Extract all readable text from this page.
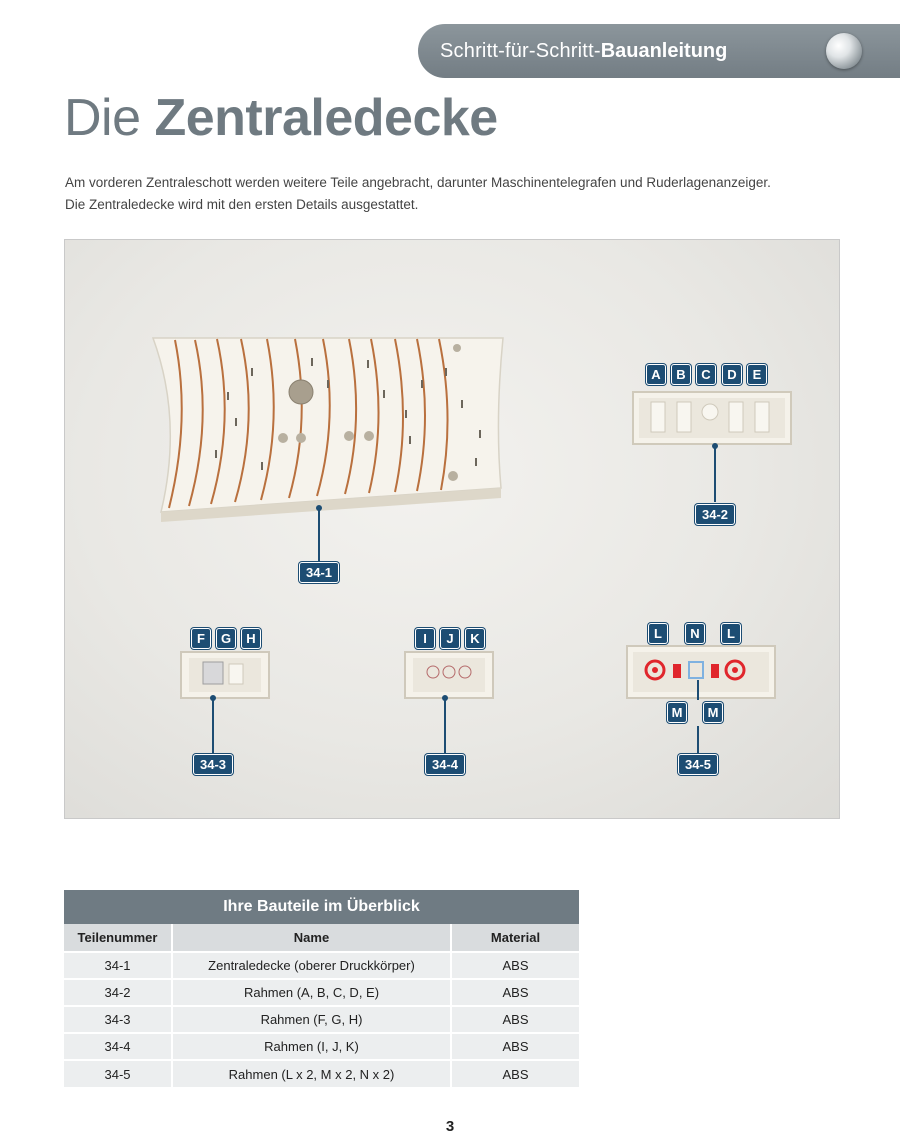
Schritt-für-Schritt- Bauanleitung
Die Zentraledecke

Am vorderen Zentraleschott werden weitere Teile angebracht, darunter Maschinentelegrafen und Ruderlagenanzeiger.

Die Zentraledecke wird mit den ersten Details ausgestattet.

A	B	C	D	E
F	G	H	I	J	K	L	N	L
M	M
34-1
34-2
34-3	34-4	34-5
Ihre Bauteile im Überblick		
Teilenummer	Name	Material
34-1	Zentraledecke (oberer Druckkörper)	ABS
34-2	Rahmen (A, B, C, D, E)	ABS
34-3	Rahmen (F, G, H)	ABS
34-4	Rahmen (I, J, K)	ABS
34-5	Rahmen (L x 2, M x 2, N x 2)	ABS
3
